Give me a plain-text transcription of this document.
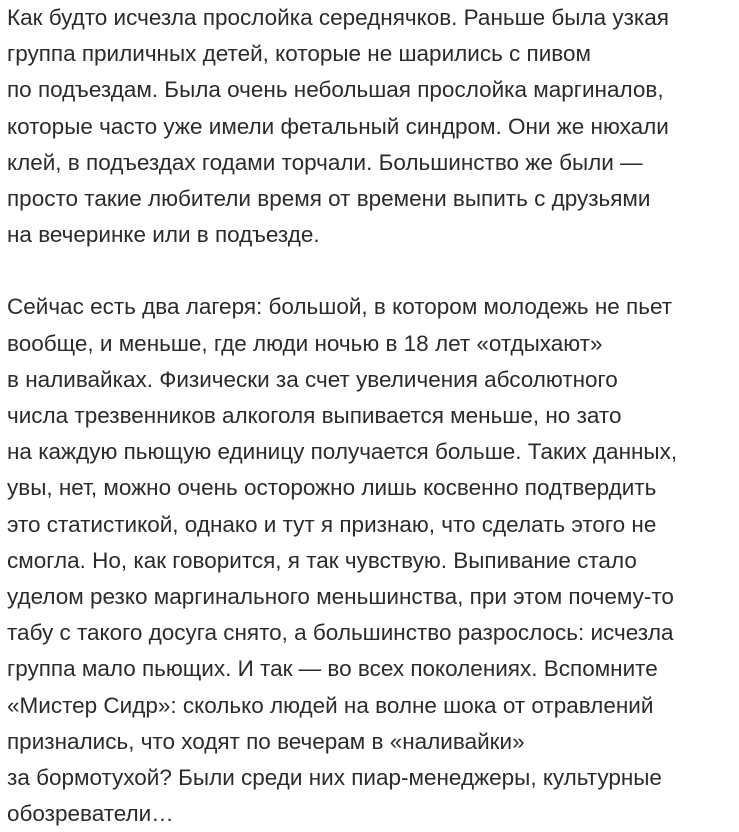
Как будто исчезла прослойка середнячков. Раньше была узкая
группа приличных детей, которые не шарились с пивом
по подъездам. Была очень небольшая прослойка маргиналов,
которые часто уже имели фетальный синдром. Они же нюхали
клей, в подъездах годами торчали. Большинство же были —
просто такие любители время от времени выпить с друзьями
на вечеринке или в подъезде.

Сейчас есть два лагеря: большой, в котором молодежь не пьет
вообще, и меньше, где люди ночью в 18 лет «отдыхают»
в наливайках. Физически за счет увеличения абсолютного
числа трезвенников алкоголя выпивается меньше, но зато
на каждую пьющую единицу получается больше. Таких данных,
увы, нет, можно очень осторожно лишь косвенно подтвердить
это статистикой, однако и тут я признаю, что сделать этого не
смогла. Но, как говорится, я так чувствую. Выпивание стало
уделом резко маргинального меньшинства, при этом почему-то
табу с такого досуга снято, а большинство разрослось: исчезла
группа мало пьющих. И так — во всех поколениях. Вспомните
«Мистер Сидр»: сколько людей на волне шока от отравлений
признались, что ходят по вечерам в «наливайки»
за бормотухой? Были среди них пиар-менеджеры, культурные
обозреватели…
